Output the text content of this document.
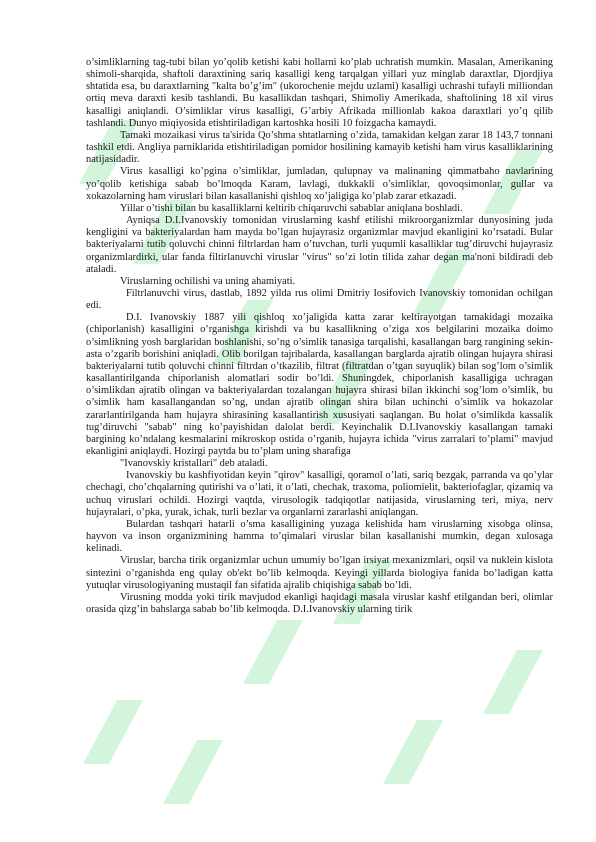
o’simliklarning tag-tubi bilan yo’qolib ketishi kabi hollarni ko’plab uchratish mumkin. Masalan, Amerikaning shimoli-sharqida, shaftoli daraxtining sariq kasalligi keng tarqalgan yillari yuz minglab daraxtlar, Djordjiya shtatida esa, bu daraxtlarning "kalta bo’g’im" (ukorochenie mejdu uzlami) kasalligi uchrashi tufayli milliondan ortiq meva daraxti kesib tashlandi. Bu kasallikdan tashqari, Shimoliy Amerikada, shaftolining 18 xil virus kasalligi aniqlandi. O’simliklar virus kasalligi, G’arbiy Afrikada millionlab kakoa daraxtlari yo’q qilib tashlandi. Dunyo miqiyosida etishtiriladigan kartoshka hosili 10 foizgacha kamaydi.

Tamaki mozaikasi virus ta'sirida Qo’shma shtatlarning o’zida, tamakidan kelgan zarar 18 143,7 tonnani tashkil etdi. Angliya parniklarida etishtiriladigan pomidor hosilining kamayib ketishi ham virus kasalliklarining natijasidadir.

Virus kasalligi ko’pgina o’simliklar, jumladan, qulupnay va malinaning qimmatbaho navlarining yo’qolib ketishiga sabab bo’lmoqda Karam, lavlagi, dukkakli o’simliklar, qovoqsimonlar, gullar va xokazolarning ham viruslari bilan kasallanishi qishloq xo’jaligiga ko’plab zarar etkazadi.

Yillar o’tishi bilan bu kasalliklarni keltirib chiqaruvchi sabablar aniqlana boshladi.

Ayniqsa D.I.Ivanovskiy tomonidan viruslarning kashf etilishi mikroorganizmlar dunyosining juda kengligini va bakteriyalardan ham mayda bo’lgan hujayrasiz organizmlar mavjud ekanligini ko’rsatadi. Bular bakteriyalarni tutib qoluvchi chinni filtrlardan ham o’tuvchan, turli yuqumli kasalliklar tug’diruvchi hujayrasiz organizmlardirki, ular fanda filtirlanuvchi viruslar "virus" so’zi lotin tilida zahar degan ma'noni bildiradi deb ataladi.

Viruslarning ochilishi va uning ahamiyati.

Filtrlanuvchi virus, dastlab, 1892 yilda rus olimi Dmitriy Iosifovich Ivanovskiy tomonidan ochilgan edi.

D.I. Ivanovskiy 1887 yili qishloq xo’jaligida katta zarar keltirayotgan tamakidagi mozaika (chiporlanish) kasalligini o’rganishga kirishdi va bu kasallikning o’ziga xos belgilarini mozaika doimo o’simlikning yosh barglaridan boshlanishi, so’ng o’simlik tanasiga tarqalishi, kasallangan barg rangining sekin-asta o’zgarib borishini aniqladi. Olib borilgan tajribalarda, kasallangan barglarda ajratib olingan hujayra shirasi bakteriyalarni tutib qoluvchi chinni filtrdan o’tkazilib, filtrat (filtratdan o’tgan suyuqlik) bilan sog’lom o’simlik kasallantirilganda chiporlanish alomatlari sodir bo’ldi. Shuningdek, chiporlanish kasalligiga uchragan o’simlikdan ajratib olingan va bakteriyalardan tozalangan hujayra shirasi bilan ikkinchi sog’lom o’simlik, bu o’simlik ham kasallangandan so’ng, undan ajratib olingan shira bilan uchinchi o’simlik va hokazolar zararlantirilganda ham hujayra shirasining kasallantirish xususiyati saqlangan. Bu holat o’simlikda kassalik tug’diruvchi "sabab" ning ko’payishidan dalolat berdi. Keyinchalik D.I.Ivanovskiy kasallangan tamaki bargining ko’ndalang kesmalarini mikroskop ostida o’rganib, hujayra ichida "virus zarralari to’plami" mavjud ekanligini aniqlaydi. Hozirgi paytda bu to’plam uning sharafiga

"Ivanovskiy kristallari" deb ataladi.

Ivanovskiy bu kashfiyotidan keyin "qirov" kasalligi, qoramol o’lati, sariq bezgak, parranda va qo’ylar chechagi, cho’chqalarning qutirishi va o’lati, it o’lati, chechak, traxoma, poliomielit, bakteriofaglar, qizamiq va uchuq viruslari ochildi. Hozirgi vaqtda, virusologik tadqiqotlar natijasida, viruslarning teri, miya, nerv hujayralari, o’pka, yurak, ichak, turli bezlar va organlarni zararlashi aniqlangan.

Bulardan tashqari hatarli o’sma kasalligining yuzaga kelishida ham viruslarning xisobga olinsa, hayvon va inson organizmining hamma to’qimalari viruslar bilan kasallanishi mumkin, degan xulosaga kelinadi.

Viruslar, barcha tirik organizmlar uchun umumiy bo’lgan irsiyat mexanizmlari, oqsil va nuklein kislota sintezini o’rganishda eng qulay ob'ekt bo’lib kelmoqda. Keyingi yillarda biologiya fanida bo’ladigan katta yutuqlar virusologiyaning mustaqil fan sifatida ajralib chiqishiga sabab bo’ldi.

Virusning modda yoki tirik mavjudod ekanligi haqidagi masala viruslar kashf etilgandan beri, olimlar orasida qizg’in bahslarga sabab bo’lib kelmoqda. D.I.Ivanovskiy ularning tirik
